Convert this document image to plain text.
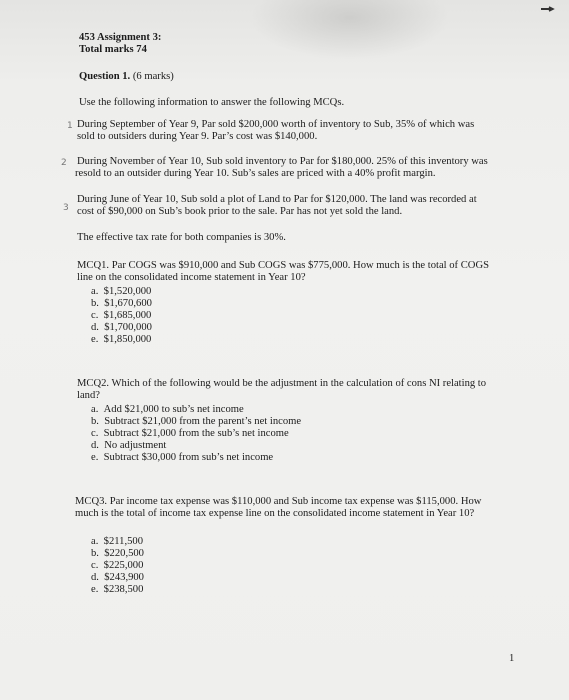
453 Assignment 3:
Total marks 74
Question 1. (6 marks)
Use the following information to answer the following MCQs.
1 During September of Year 9, Par sold $200,000 worth of inventory to Sub, 35% of which was
sold to outsiders during Year 9. Par’s cost was $140,000.
2 During November of Year 10, Sub sold inventory to Par for $180,000. 25% of this inventory was
resold to an outsider during Year 10. Sub’s sales are priced with a 40% profit margin.
3
During June of Year 10, Sub sold a plot of Land to Par for $120,000. The land was recorded at
cost of $90,000 on Sub’s book prior to the sale. Par has not yet sold the land.
The effective tax rate for both companies is 30%.
MCQ1. Par COGS was $910,000 and Sub COGS was $775,000. How much is the total of COGS
line on the consolidated income statement in Year 10?
a. $1,520,000
b. $1,670,600
c. $1,685,000
d. $1,700,000
e. $1,850,000
MCQ2. Which of the following would be the adjustment in the calculation of cons NI relating to
land?
a. Add $21,000 to sub’s net income
b. Subtract $21,000 from the parent’s net income
c. Subtract $21,000 from the sub’s net income
d. No adjustment
e. Subtract $30,000 from sub’s net income
MCQ3. Par income tax expense was $110,000 and Sub income tax expense was $115,000. How
much is the total of income tax expense line on the consolidated income statement in Year 10?
a. $211,500
b. $220,500
c. $225,000
d. $243,900
e. $238,500
1
